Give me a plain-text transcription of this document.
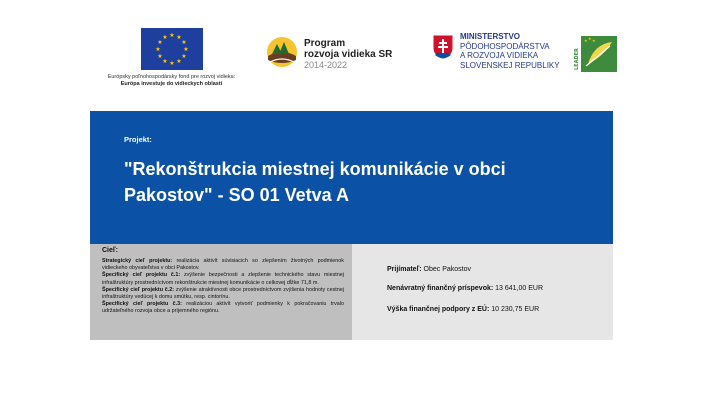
★ ★
★
★
★
★
★
★
★
★
★
★
Európsky poľnohospodársky fond pre rozvoj vidieka:
Európa investuje do vidieckych oblastí
Program
rozvoja vidieka SR
2014-2022
MINISTERSTVO
PÔDOHOSPODÁRSTVA
A ROZVOJA VIDIEKA
SLOVENSKEJ REPUBLIKY
★ ★ ★
LEADER
Projekt:
"Rekonštrukcia miestnej komunikácie v obci Pakostov" - SO 01 Vetva A
Cieľ:

Strategický cieľ projektu: realizácia aktivít súvisiacich so zlepšením životných podmienok vidieckeho obyvateľstva v obci Pakostov.

Špecifický cieľ projektu č.1: zvýšenie bezpečnosti a zlepšenie technického stavu miestnej infraštruktúry prostredníctvom rekonštrukcie miestnej komunikácie o celkovej dĺžke 71,8 m.

Špecifický cieľ projektu č.2: zvýšenie atraktívnosti obce prostredníctvom zvýšenia hodnoty cestnej infraštruktúry vedúcej k domu smútku, resp. cintorínu.

Špecifický cieľ projektu č.3: realizáciou aktivít vytvoriť podmienky k pokračovaniu trvalo udržateľného rozvoja obce a príjemného regiónu.

Prijímateľ: Obec Pakostov
Nenávratný finančný príspevok: 13 641,00 EUR
Výška finančnej podpory z EÚ: 10 230,75 EUR
